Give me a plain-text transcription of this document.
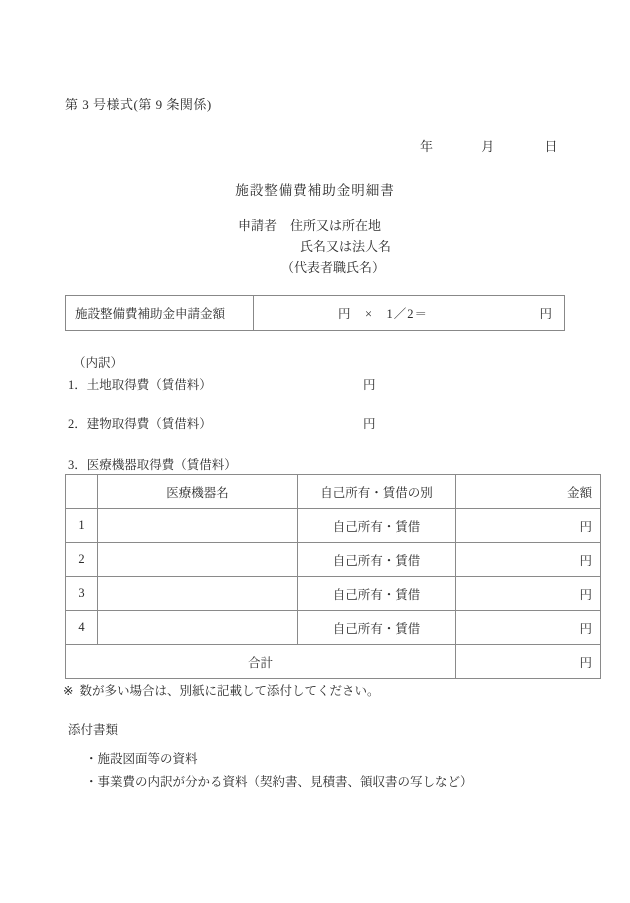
第 3 号様式(第 9 条関係)
年	月	日
施設整備費補助金明細書
申請者 住所又は所在地
氏名又は法人名
（代表者職氏名）
施設整備費補助金申請金額	円　×　1／2＝	円
（内訳）
1．土地取得費（賃借料）	円
2．建物取得費（賃借料）	円
3．医療機器取得費（賃借料）
	医療機器名	自己所有・賃借の別	金額
1		自己所有・賃借	円
2		自己所有・賃借	円
3		自己所有・賃借	円
4		自己所有・賃借	円
合計			円
※ 数が多い場合は、別紙に記載して添付してください。
添付書類
・施設図面等の資料
・事業費の内訳が分かる資料（契約書、見積書、領収書の写しなど）
